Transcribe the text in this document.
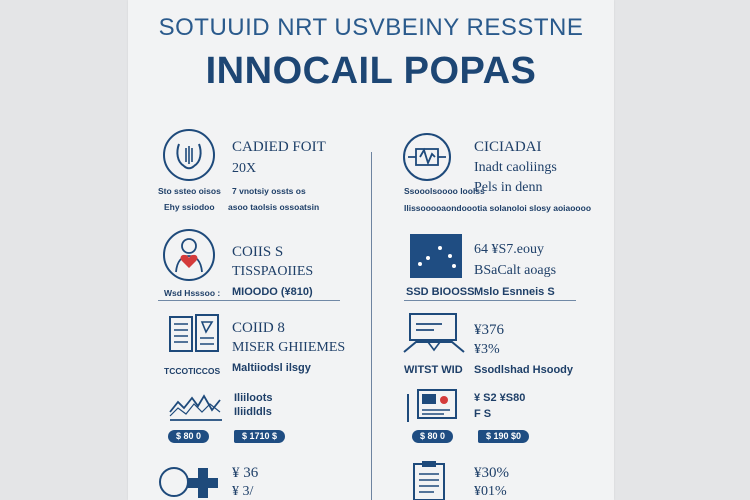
SOTUUID NRT USVBEINY RESSTNE
INNOCAIL POPAS
CADIED FOIT
20X
Sto ssteo oisos 7 vnotsiy ossts os
Ehy ssiodoo asoo taolsis ossoatsin
COIIS S
TISSPAOIIES
Wsd Hsssoo : MIOODO (¥810)
COIID 8
MISER GHIIEMES
TCCOTICCOS Maltiiodsl ilsgy
Iliiloots
Iliidldls
$ 80 0	$ 1710 $
¥ 36
¥ 3/
CICIADAI
Inadt caoliings
Pels in denn
Ssooolsoooo loolss
Ilissooooaondoootia solanoloi slosy aoiaoooo
64 ¥S7.eouy
BSaCalt aoags
SSD BIOOSS Mslo Esnneis S
¥376
¥3%
WITST WID Ssodlshad Hsoody
¥ S2 ¥S80
F S
$ 80 0	$ 190 $0
¥30%
¥01%
